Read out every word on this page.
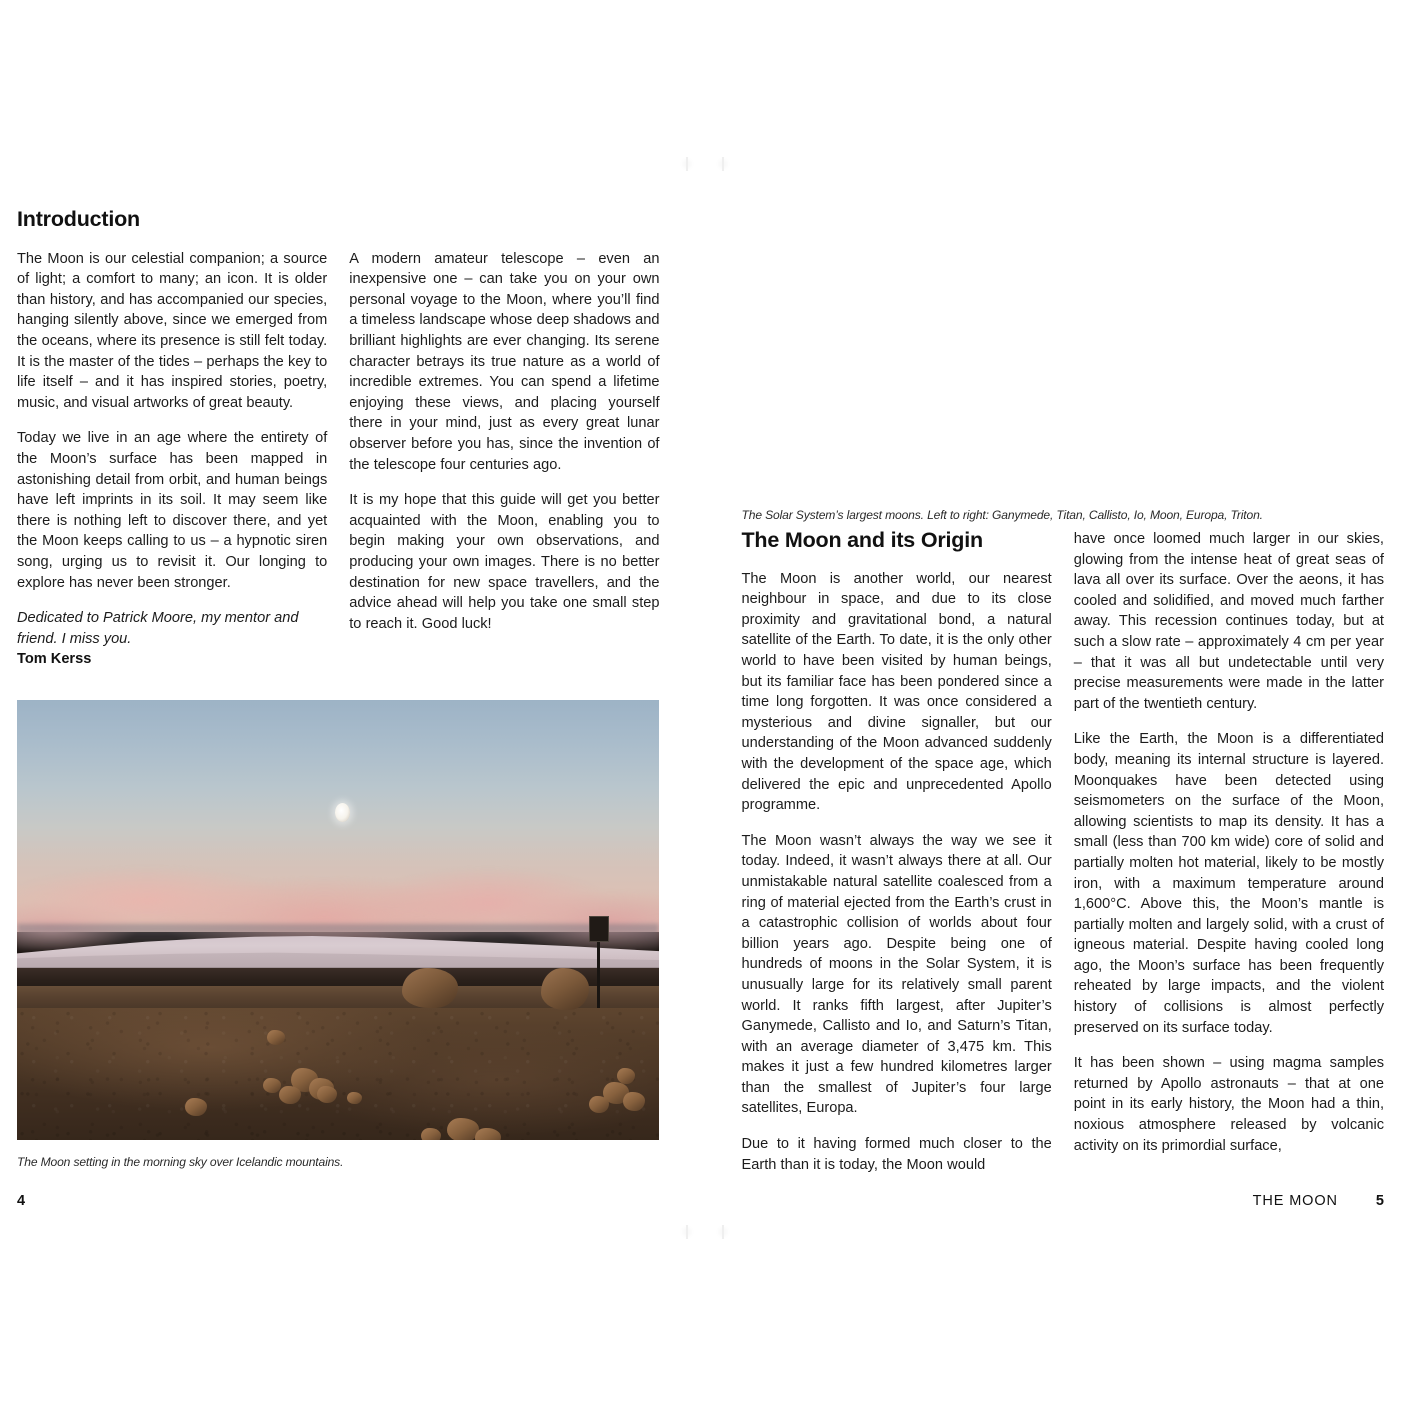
Introduction

The Moon is our celestial companion; a source of light; a comfort to many; an icon. It is older than history, and has accompanied our species, hanging silently above, since we emerged from the oceans, where its presence is still felt today. It is the master of the tides – perhaps the key to life itself – and it has inspired stories, poetry, music, and visual artworks of great beauty.

Today we live in an age where the entirety of the Moon’s surface has been mapped in astonishing detail from orbit, and human beings have left imprints in its soil. It may seem like there is nothing left to discover there, and yet the Moon keeps calling to us – a hypnotic siren song, urging us to revisit it. Our longing to explore has never been stronger.

Dedicated to Patrick Moore, my mentor and friend. I miss you.

Tom Kerss

A modern amateur telescope – even an inexpensive one – can take you on your own personal voyage to the Moon, where you’ll find a timeless landscape whose deep shadows and brilliant highlights are ever changing. Its serene character betrays its true nature as a world of incredible extremes. You can spend a lifetime enjoying these views, and placing yourself there in your mind, just as every great lunar observer before you has, since the invention of the telescope four centuries ago.

It is my hope that this guide will get you better acquainted with the Moon, enabling you to begin making your own observations, and producing your own images. There is no better destination for new space travellers, and the advice ahead will help you take one small step to reach it. Good luck!

The Moon setting in the morning sky over Icelandic mountains.

4

The Solar System’s largest moons. Left to right: Ganymede, Titan, Callisto, Io, Moon, Europa, Triton.

The Moon and its Origin

The Moon is another world, our nearest neighbour in space, and due to its close proximity and gravitational bond, a natural satellite of the Earth. To date, it is the only other world to have been visited by human beings, but its familiar face has been pondered since a time long forgotten. It was once considered a mysterious and divine signaller, but our understanding of the Moon advanced suddenly with the development of the space age, which delivered the epic and unprecedented Apollo programme.

The Moon wasn’t always the way we see it today. Indeed, it wasn’t always there at all. Our unmistakable natural satellite coalesced from a ring of material ejected from the Earth’s crust in a catastrophic collision of worlds about four billion years ago. Despite being one of hundreds of moons in the Solar System, it is unusually large for its relatively small parent world. It ranks fifth largest, after Jupiter’s Ganymede, Callisto and Io, and Saturn’s Titan, with an average diameter of 3,475 km. This makes it just a few hundred kilometres larger than the smallest of Jupiter’s four large satellites, Europa.

Due to it having formed much closer to the Earth than it is today, the Moon would

have once loomed much larger in our skies, glowing from the intense heat of great seas of lava all over its surface. Over the aeons, it has cooled and solidified, and moved much farther away. This recession continues today, but at such a slow rate – approximately 4 cm per year – that it was all but undetectable until very precise measurements were made in the latter part of the twentieth century.

Like the Earth, the Moon is a differentiated body, meaning its internal structure is layered. Moonquakes have been detected using seismometers on the surface of the Moon, allowing scientists to map its density. It has a small (less than 700 km wide) core of solid and partially molten hot material, likely to be mostly iron, with a maximum temperature around 1,600°C. Above this, the Moon’s mantle is partially molten and largely solid, with a crust of igneous material. Despite having cooled long ago, the Moon’s surface has been frequently reheated by large impacts, and the violent history of collisions is almost perfectly preserved on its surface today.

It has been shown – using magma samples returned by Apollo astronauts – that at one point in its early history, the Moon had a thin, noxious atmosphere released by volcanic activity on its primordial surface,

THE MOON	5
